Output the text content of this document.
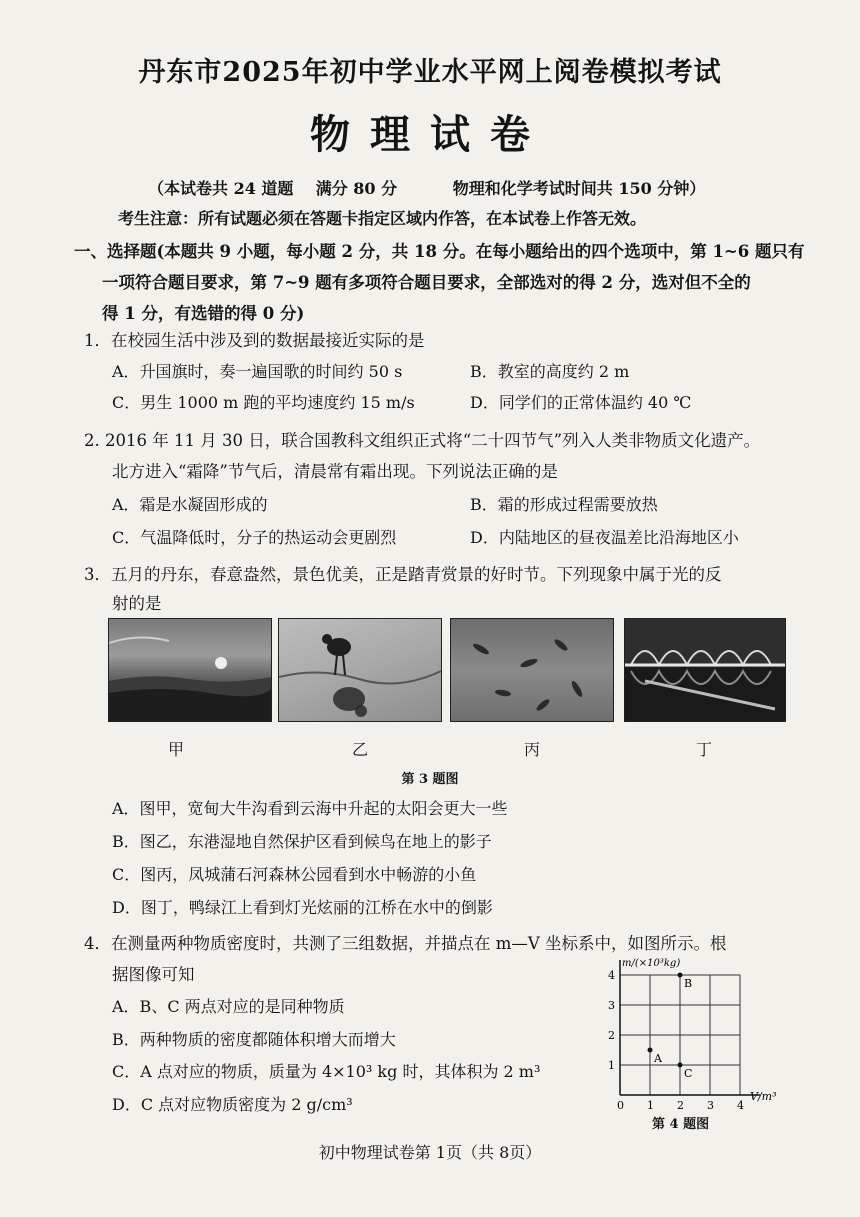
丹东市2025年初中学业水平网上阅卷模拟考试
物理试卷
（本试卷共 24 道题    满分 80 分          物理和化学考试时间共 150 分钟）
考生注意：所有试题必须在答题卡指定区域内作答，在本试卷上作答无效。
一、选择题(本题共 9 小题，每小题 2 分，共 18 分。在每小题给出的四个选项中，第 1~6 题只有
一项符合题目要求，第 7~9 题有多项符合题目要求，全部选对的得 2 分，选对但不全的
得 1 分，有选错的得 0 分)
1．在校园生活中涉及到的数据最接近实际的是
A．升国旗时，奏一遍国歌的时间约 50 s	B．教室的高度约 2 m
C．男生 1000 m 跑的平均速度约 15 m/s	D．同学们的正常体温约 40 ℃
2. 2016 年 11 月 30 日，联合国教科文组织正式将“二十四节气”列入人类非物质文化遗产。
北方进入“霜降”节气后，清晨常有霜出现。下列说法正确的是
A．霜是水凝固形成的	B．霜的形成过程需要放热
C．气温降低时，分子的热运动会更剧烈	D．内陆地区的昼夜温差比沿海地区小
3．五月的丹东，春意盎然，景色优美，正是踏青赏景的好时节。下列现象中属于光的反
射的是
甲	乙	丙	丁
第 3 题图
A．图甲，宽甸大牛沟看到云海中升起的太阳会更大一些
B．图乙，东港湿地自然保护区看到候鸟在地上的影子
C．图丙，凤城蒲石河森林公园看到水中畅游的小鱼
D．图丁，鸭绿江上看到灯光炫丽的江桥在水中的倒影
4．在测量两种物质密度时，共测了三组数据，并描点在 m—V 坐标系中，如图所示。根
据图像可知
A．B、C 两点对应的是同种物质
B．两种物质的密度都随体积增大而增大
C．A 点对应的物质，质量为 4×10³ kg 时，其体积为 2 m³
D．C 点对应物质密度为 2 g/cm³
m/(×10³kg)
V/m³
0 1 2 3 4
1
2
3
4
A
B
C
第 4 题图
初中物理试卷第 1页（共 8页）
